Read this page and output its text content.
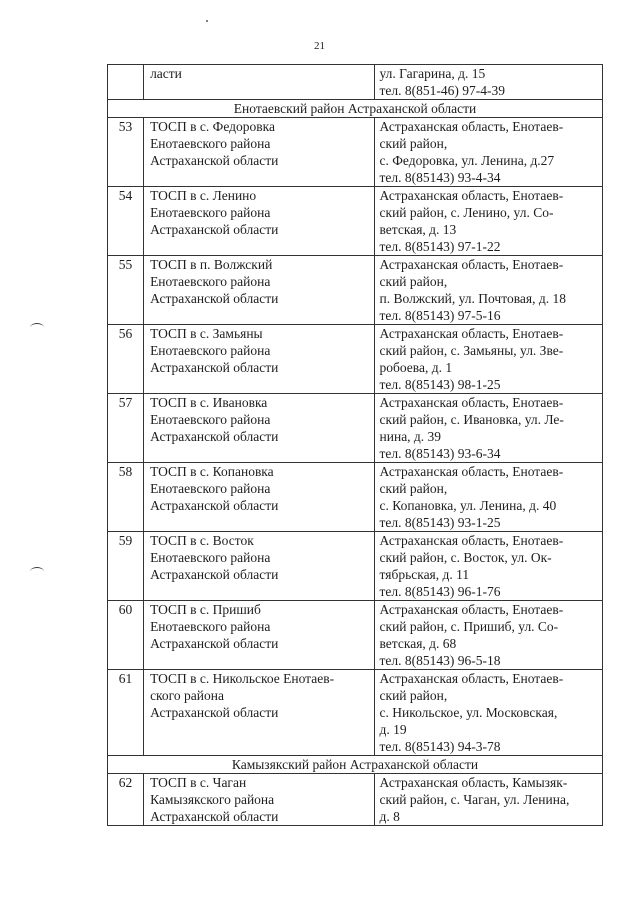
21

	ласти	ул. Гагарина, д. 15
тел. 8(851-46) 97-4-39

Енотаевский район Астраханской области		
53	ТОСП в с. Федоровка
Енотаевского района
Астраханской области	Астраханская область, Енотаев-
ский район,
с. Федоровка, ул. Ленина, д.27
тел. 8(85143) 93-4-34

54	ТОСП в с. Ленино
Енотаевского района
Астраханской области	Астраханская область, Енотаев-
ский район, с. Ленино, ул. Со-
ветская, д. 13
тел. 8(85143) 97-1-22

55	ТОСП в п. Волжский
Енотаевского района
Астраханской области	Астраханская область, Енотаев-
ский район,
п. Волжский, ул. Почтовая, д. 18
тел. 8(85143) 97-5-16

56	ТОСП в с. Замьяны
Енотаевского района
Астраханской области	Астраханская область, Енотаев-
ский район, с. Замьяны, ул. Зве-
робоева, д. 1
тел. 8(85143) 98-1-25

57	ТОСП в с. Ивановка
Енотаевского района
Астраханской области	Астраханская область, Енотаев-
ский район, с. Ивановка, ул. Ле-
нина, д. 39
тел. 8(85143) 93-6-34

58	ТОСП в с. Копановка
Енотаевского района
Астраханской области	Астраханская область, Енотаев-
ский район,
с. Копановка, ул. Ленина, д. 40
тел. 8(85143) 93-1-25

59	ТОСП в с. Восток
Енотаевского района
Астраханской области	Астраханская область, Енотаев-
ский район, с. Восток, ул. Ок-
тябрьская, д. 11
тел. 8(85143) 96-1-76

60	ТОСП в с. Пришиб
Енотаевского района
Астраханской области	Астраханская область, Енотаев-
ский район, с. Пришиб, ул. Со-
ветская, д. 68
тел. 8(85143) 96-5-18

61	ТОСП в с. Никольское Енотаев-
ского района
Астраханской области	Астраханская область, Енотаев-
ский район,
с. Никольское, ул. Московская,
д. 19
тел. 8(85143) 94-3-78

Камызякский район Астраханской области		
62	ТОСП в с. Чаган
Камызякского района
Астраханской области	Астраханская область, Камызяк-
ский район, с. Чаган, ул. Ленина,
д. 8
